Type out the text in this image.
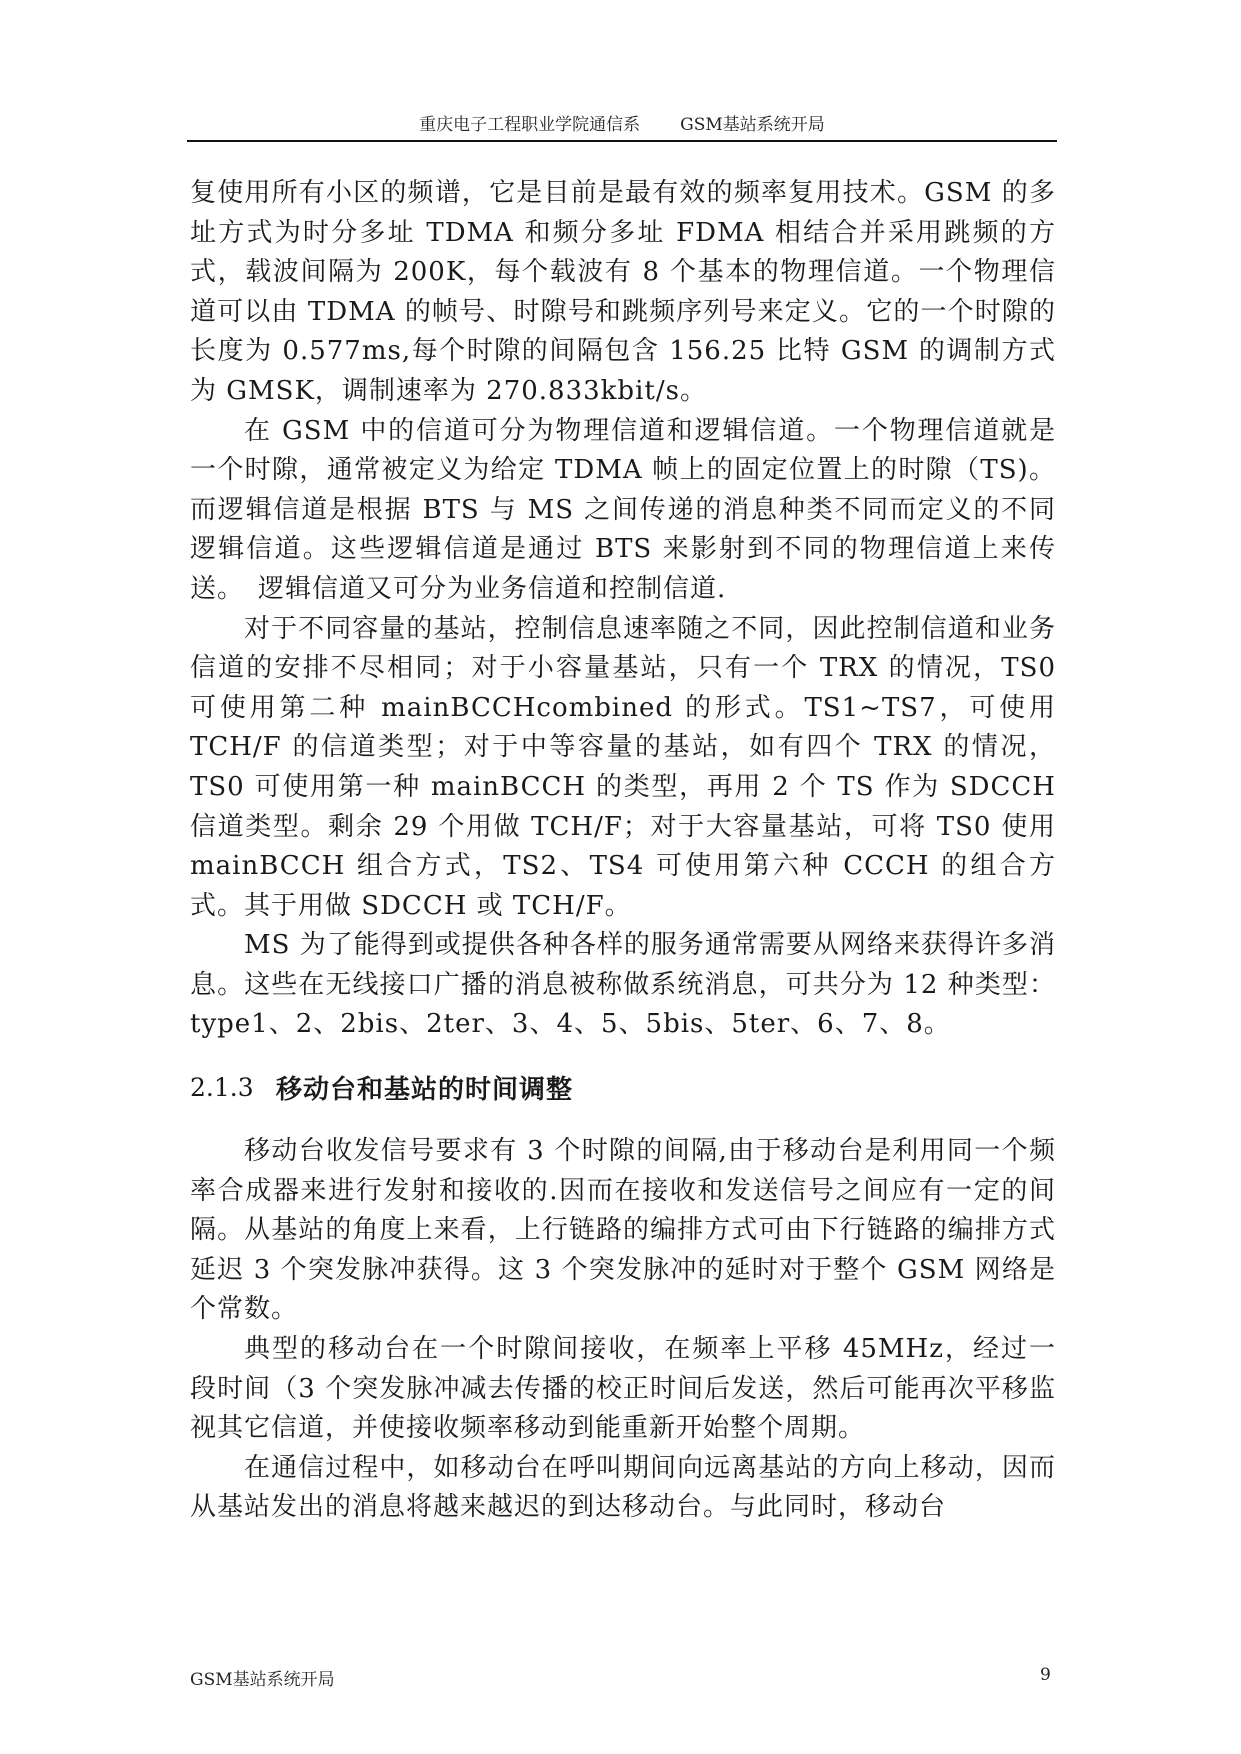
重庆电子工程职业学院通信系 GSM基站系统开局

复使用所有小区的频谱，它是目前是最有效的频率复用技术。GSM 的多址方式为时分多址 TDMA 和频分多址 FDMA 相结合并采用跳频的方式，载波间隔为 200K，每个载波有 8 个基本的物理信道。一个物理信道可以由 TDMA 的帧号、时隙号和跳频序列号来定义。它的一个时隙的长度为 0.577ms,每个时隙的间隔包含 156.25 比特 GSM 的调制方式为 GMSK，调制速率为 270.833kbit/s。

在 GSM 中的信道可分为物理信道和逻辑信道。一个物理信道就是一个时隙，通常被定义为给定 TDMA 帧上的固定位置上的时隙（TS)。而逻辑信道是根据 BTS 与 MS 之间传递的消息种类不同而定义的不同逻辑信道。这些逻辑信道是通过 BTS 来影射到不同的物理信道上来传送。　逻辑信道又可分为业务信道和控制信道.

对于不同容量的基站，控制信息速率随之不同，因此控制信道和业务信道的安排不尽相同；对于小容量基站，只有一个 TRX 的情况，TS0 可使用第二种 mainBCCHcombined 的形式。TS1~TS7，可使用 TCH/F 的信道类型；对于中等容量的基站，如有四个 TRX 的情况，TS0 可使用第一种 mainBCCH 的类型，再用 2 个 TS 作为 SDCCH 信道类型。剩余 29 个用做 TCH/F；对于大容量基站，可将 TS0 使用 mainBCCH 组合方式，TS2、TS4 可使用第六种 CCCH 的组合方式。其于用做 SDCCH 或 TCH/F。

MS 为了能得到或提供各种各样的服务通常需要从网络来获得许多消息。这些在无线接口广播的消息被称做系统消息，可共分为 12 种类型：type1、2、2bis、2ter、3、4、5、5bis、5ter、6、7、8。

2.1.3 移动台和基站的时间调整

移动台收发信号要求有 3 个时隙的间隔,由于移动台是利用同一个频率合成器来进行发射和接收的.因而在接收和发送信号之间应有一定的间隔。从基站的角度上来看，上行链路的编排方式可由下行链路的编排方式延迟 3 个突发脉冲获得。这 3 个突发脉冲的延时对于整个 GSM 网络是个常数。

典型的移动台在一个时隙间接收，在频率上平移 45MHz，经过一段时间（3 个突发脉冲减去传播的校正时间后发送，然后可能再次平移监视其它信道，并使接收频率移动到能重新开始整个周期。

在通信过程中，如移动台在呼叫期间向远离基站的方向上移动，因而从基站发出的消息将越来越迟的到达移动台。与此同时，移动台

GSM基站系统开局	9
